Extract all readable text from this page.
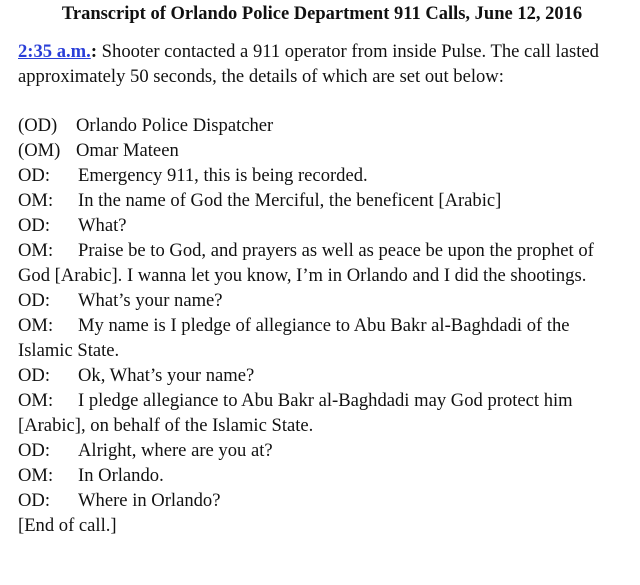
Transcript of Orlando Police Department 911 Calls, June 12, 2016

2:35 a.m.: Shooter contacted a 911 operator from inside Pulse. The call lasted approximately 50 seconds, the details of which are set out below:

(OD)	Orlando Police Dispatcher
(OM) Omar Mateen

OD: Emergency 911, this is being recorded.

OM: In the name of God the Merciful, the beneficent [Arabic]

OD: What?

OM: Praise be to God, and prayers as well as peace be upon the prophet of God [Arabic]. I wanna let you know, I’m in Orlando and I did the shootings.

OD: What’s your name?

OM: My name is I pledge of allegiance to Abu Bakr al-Baghdadi of the Islamic State.

OD: Ok, What’s your name?

OM: I pledge allegiance to Abu Bakr al-Baghdadi may God protect him [Arabic], on behalf of the Islamic State.

OD: Alright, where are you at?

OM: In Orlando.

OD: Where in Orlando?

[End of call.]
